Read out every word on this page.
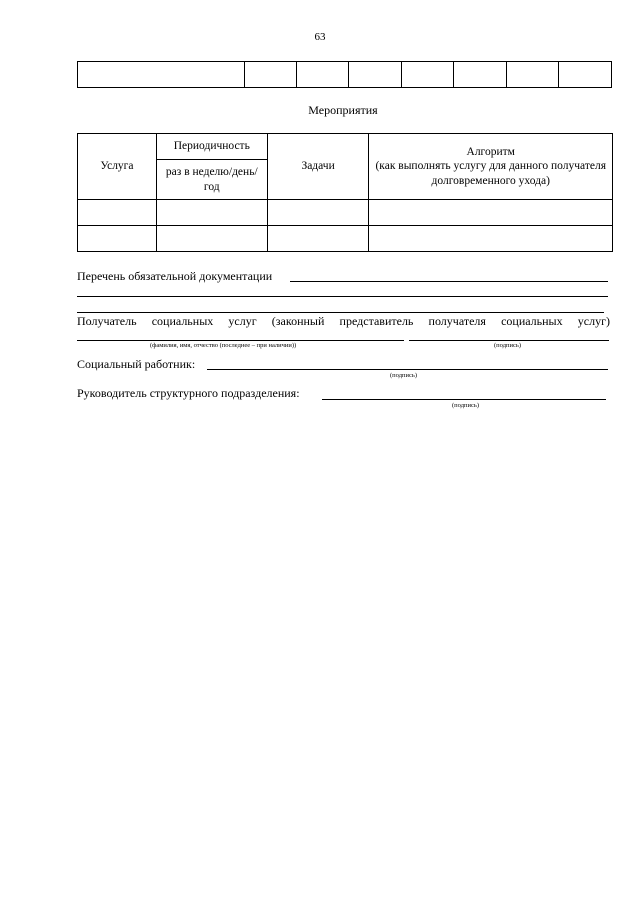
63

Мероприятия
Услуга	Периодичность	Задачи	Алгоритм
(как выполнять услугу для данного получателя долговременного ухода)

	раз в неделю/день/год		

Перечень обязательной документации
Получатель социальных услуг (законный представитель получателя социальных услуг)
(фамилия, имя, отчество (последнее – при наличии))	(подпись)
Социальный работник:
(подпись)
Руководитель структурного подразделения:
(подпись)
